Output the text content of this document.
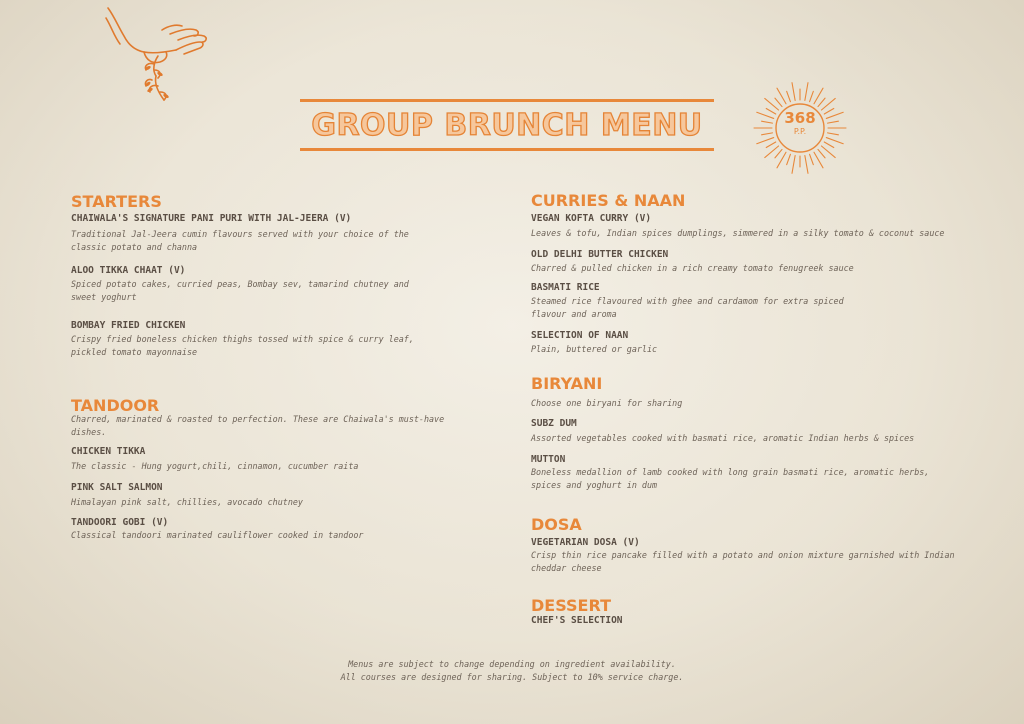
GROUP BRUNCH MENU	368
P.P.
STARTERS
CHAIWALA'S SIGNATURE PANI PURI WITH JAL-JEERA (V)
Traditional Jal-Jeera cumin flavours served with your choice of the
classic potato and channa
ALOO TIKKA CHAAT (V)
Spiced potato cakes, curried peas, Bombay sev, tamarind chutney and
sweet yoghurt
BOMBAY FRIED CHICKEN
Crispy fried boneless chicken thighs tossed with spice & curry leaf,
pickled tomato mayonnaise
TANDOOR
Charred, marinated & roasted to perfection. These are Chaiwala's must-have
dishes.
CHICKEN TIKKA
The classic - Hung yogurt,chili, cinnamon, cucumber raita
PINK SALT SALMON
Himalayan pink salt, chillies, avocado chutney
TANDOORI GOBI (V)
Classical tandoori marinated cauliflower cooked in tandoor
CURRIES & NAAN
VEGAN KOFTA CURRY (V)
Leaves & tofu, Indian spices dumplings, simmered in a silky tomato & coconut sauce
OLD DELHI BUTTER CHICKEN
Charred & pulled chicken in a rich creamy tomato fenugreek sauce
BASMATI RICE
Steamed rice flavoured with ghee and cardamom for extra spiced
flavour and aroma
SELECTION OF NAAN
Plain, buttered or garlic
BIRYANI
Choose one biryani for sharing
SUBZ DUM
Assorted vegetables cooked with basmati rice, aromatic Indian herbs & spices
MUTTON
Boneless medallion of lamb cooked with long grain basmati rice, aromatic herbs,
spices and yoghurt in dum
DOSA
VEGETARIAN DOSA (V)
Crisp thin rice pancake filled with a potato and onion mixture garnished with Indian
cheddar cheese
DESSERT
CHEF'S SELECTION
Menus are subject to change depending on ingredient availability.
All courses are designed for sharing. Subject to 10% service charge.
